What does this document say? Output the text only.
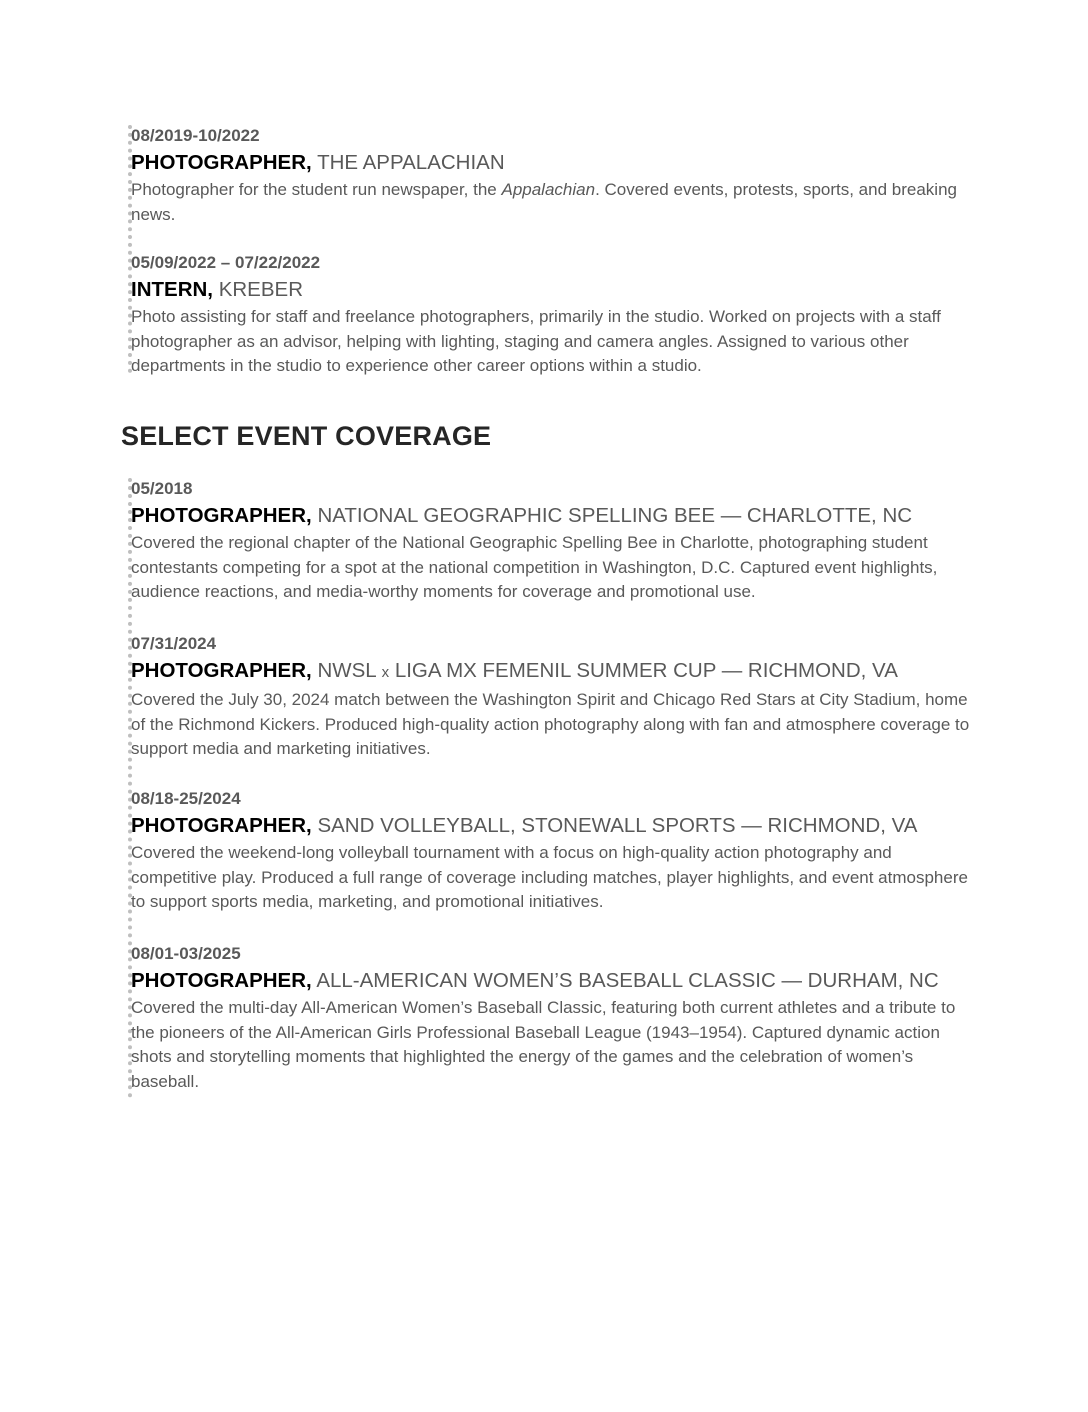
08/2019-10/2022

PHOTOGRAPHER, THE APPALACHIAN

Photographer for the student run newspaper, the Appalachian. Covered events, protests, sports, and breaking news.

05/09/2022 – 07/22/2022

INTERN, KREBER

Photo assisting for staff and freelance photographers, primarily in the studio. Worked on projects with a staff photographer as an advisor, helping with lighting, staging and camera angles. Assigned to various other departments in the studio to experience other career options within a studio.

SELECT EVENT COVERAGE

05/2018

PHOTOGRAPHER, NATIONAL GEOGRAPHIC SPELLING BEE — CHARLOTTE, NC

Covered the regional chapter of the National Geographic Spelling Bee in Charlotte, photographing student contestants competing for a spot at the national competition in Washington, D.C. Captured event highlights, audience reactions, and media-worthy moments for coverage and promotional use.

07/31/2024

PHOTOGRAPHER, NWSL x LIGA MX FEMENIL SUMMER CUP — RICHMOND, VA

Covered the July 30, 2024 match between the Washington Spirit and Chicago Red Stars at City Stadium, home of the Richmond Kickers. Produced high-quality action photography along with fan and atmosphere coverage to support media and marketing initiatives.

08/18-25/2024

PHOTOGRAPHER, SAND VOLLEYBALL, STONEWALL SPORTS — RICHMOND, VA

Covered the weekend-long volleyball tournament with a focus on high-quality action photography and competitive play. Produced a full range of coverage including matches, player highlights, and event atmosphere to support sports media, marketing, and promotional initiatives.

08/01-03/2025

PHOTOGRAPHER, ALL-AMERICAN WOMEN’S BASEBALL CLASSIC — DURHAM, NC

Covered the multi-day All-American Women’s Baseball Classic, featuring both current athletes and a tribute to the pioneers of the All-American Girls Professional Baseball League (1943–1954). Captured dynamic action shots and storytelling moments that highlighted the energy of the games and the celebration of women’s baseball.
